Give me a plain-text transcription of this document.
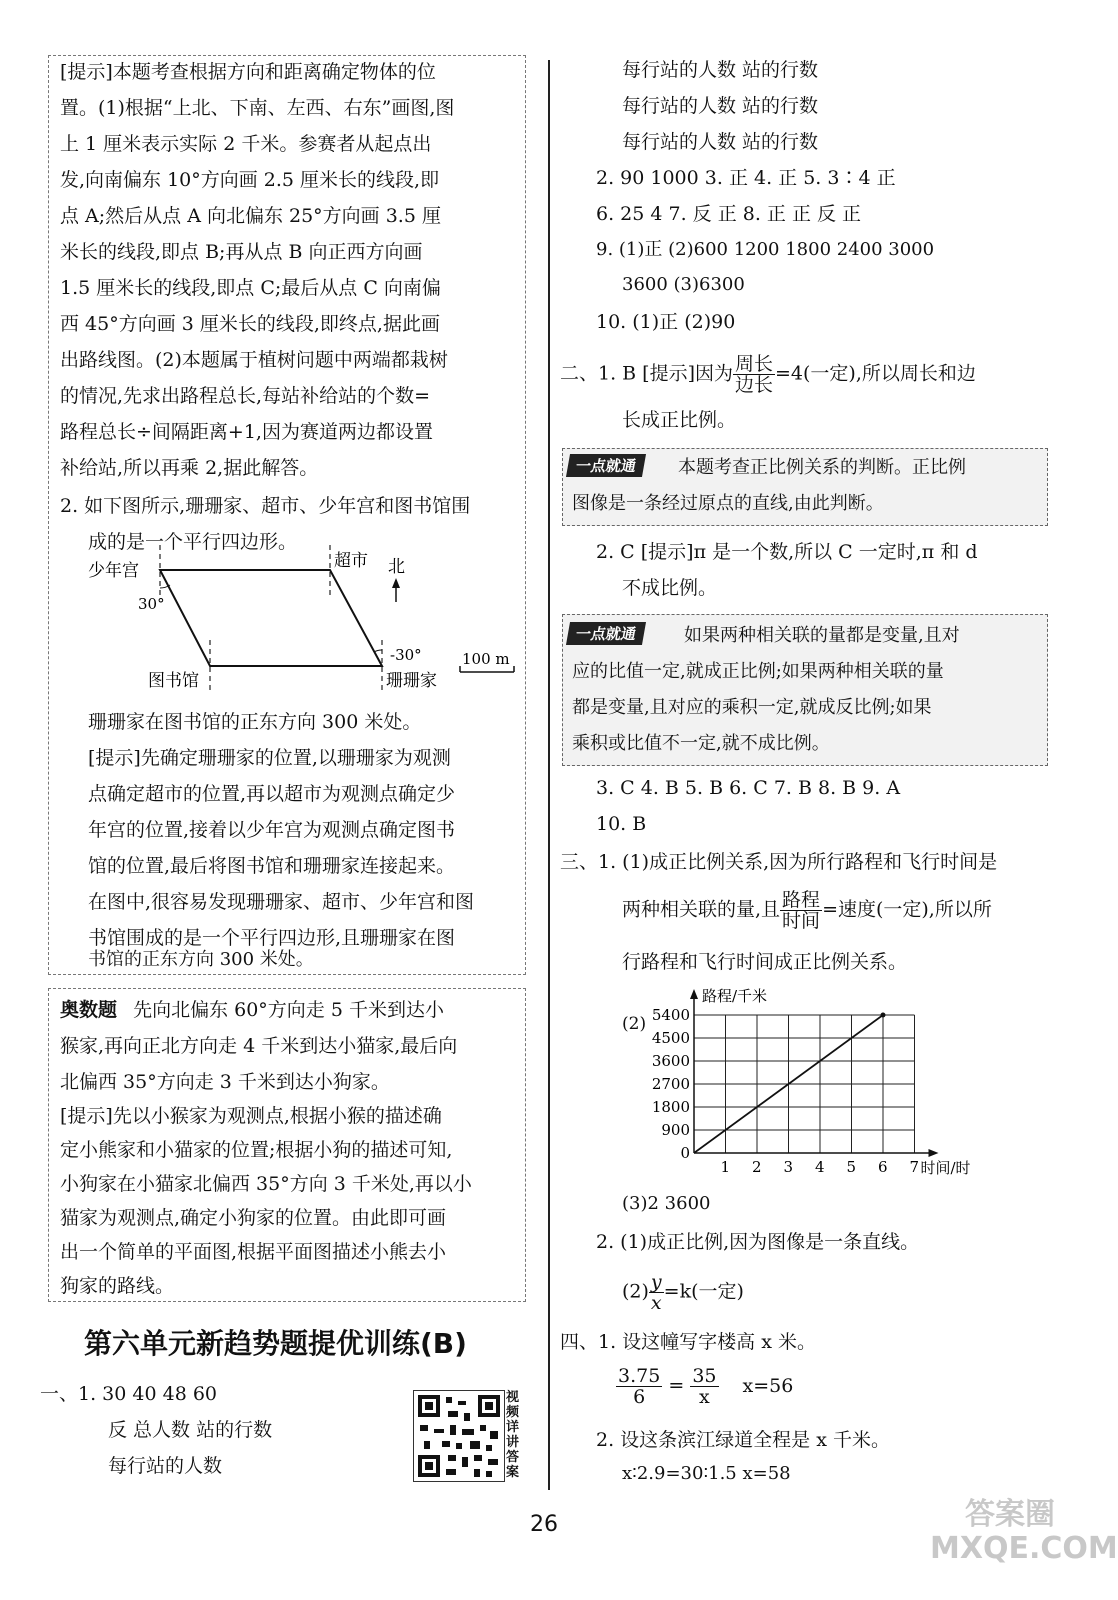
[提示]本题考查根据方向和距离确定物体的位
置。(1)根据“上北、下南、左西、右东”画图,图
上 1 厘米表示实际 2 千米。参赛者从起点出
发,向南偏东 10°方向画 2.5 厘米长的线段,即
点 A;然后从点 A 向北偏东 25°方向画 3.5 厘
米长的线段,即点 B;再从点 B 向正西方向画
1.5 厘米长的线段,即点 C;最后从点 C 向南偏
西 45°方向画 3 厘米长的线段,即终点,据此画
出路线图。(2)本题属于植树问题中两端都栽树
的情况,先求出路程总长,每站补给站的个数=
路程总长÷间隔距离+1,因为赛道两边都设置
补给站,所以再乘 2,据此解答。
2. 如下图所示,珊珊家、超市、少年宫和图书馆围
成的是一个平行四边形。
少年宫	超市 北
图书馆	珊珊家
30°
-30°	100 m
珊珊家在图书馆的正东方向 300 米处。
[提示]先确定珊珊家的位置,以珊珊家为观测
点确定超市的位置,再以超市为观测点确定少
年宫的位置,接着以少年宫为观测点确定图书
馆的位置,最后将图书馆和珊珊家连接起来。
在图中,很容易发现珊珊家、超市、少年宫和图
书馆围成的是一个平行四边形,且珊珊家在图
书馆的正东方向 300 米处。
奥数题 先向北偏东 60°方向走 5 千米到达小
猴家,再向正北方向走 4 千米到达小猫家,最后向
北偏西 35°方向走 3 千米到达小狗家。
[提示]先以小猴家为观测点,根据小猴的描述确
定小熊家和小猫家的位置;根据小狗的描述可知,
小狗家在小猫家北偏西 35°方向 3 千米处,再以小
猫家为观测点,确定小狗家的位置。由此即可画
出一个简单的平面图,根据平面图描述小熊去小
狗家的路线。
第六单元新趋势题提优训练(B)
一、1. 30 40 48 60
反 总人数 站的行数
每行站的人数
视频详讲答案
每行站的人数 站的行数
每行站的人数 站的行数
每行站的人数 站的行数
2. 90 1000 3. 正 4. 正 5. 3∶4 正
6. 25 4 7. 反 正 8. 正 正 反 正
9. (1)正 (2)600 1200 1800 2400 3000
3600 (3)6300
10. (1)正 (2)90
二、1. B [提示]因为 $\frac{\text{周长}}{\text{边长}} =4$(一定),所以周长和边
长成正比例。
一点就通	本题考查正比例关系的判断。正比例
图像是一条经过原点的直线,由此判断。
2. C [提示]π 是一个数,所以 C 一定时,π 和 d
不成比例。
一点就通	如果两种相关联的量都是变量,且对
应的比值一定,就成正比例;如果两种相关联的量
都是变量,且对应的乘积一定,就成反比例;如果
乘积或比值不一定,就不成比例。
3. C 4. B 5. B 6. C 7. B 8. B 9. A
10. B
三、1. (1)成正比例关系,因为所行路程和飞行时间是
两种相关联的量,且 $\frac{\text{路程}}{\text{时间}}$ =速度(一定),所以所
行路程和飞行时间成正比例关系。
(2)
1 2 3 4 5 6 7
900
1800
2700
3600
4500
5400
0
时间/时
路程/千米
(3)2 3600
2. (1)成正比例,因为图像是一条直线。
$(2) \frac{y}{x} =k$(一定)
四、1. 设这幢写字楼高 x 米。
$\frac{3.75}{6} = \frac{35}{x} x=56$
2. 设这条滨江绿道全程是 x 千米。
x∶2.9=30∶1.5 x=58
26	答案圈 MXQE.COM
